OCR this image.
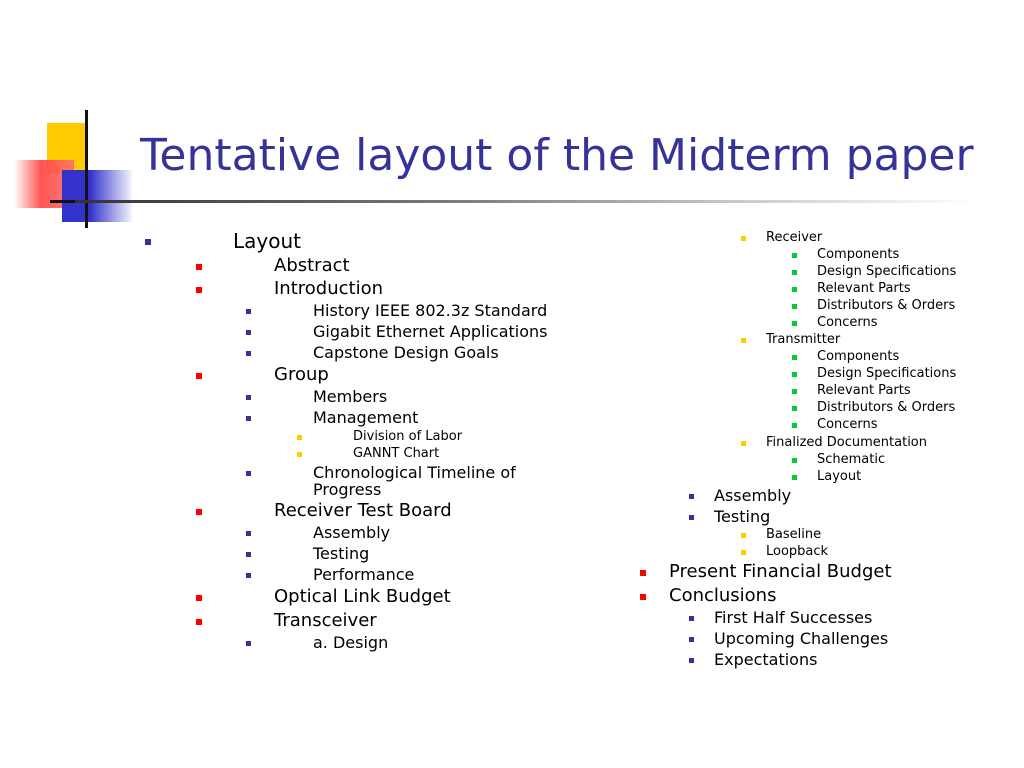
Tentative layout of the Midterm paper
Layout
Abstract
Introduction
History IEEE 802.3z Standard
Gigabit Ethernet Applications
Capstone Design Goals
Group
Members
Management
Division of Labor
GANNT Chart
Chronological Timeline of
Progress
Receiver Test Board
Assembly
Testing
Performance
Optical Link Budget
Transceiver
a. Design
Receiver
Components
Design Specifications
Relevant Parts
Distributors & Orders
Concerns
Transmitter
Components
Design Specifications
Relevant Parts
Distributors & Orders
Concerns
Finalized Documentation
Schematic
Layout
Assembly
Testing
Baseline
Loopback
Present Financial Budget
Conclusions
First Half Successes
Upcoming Challenges
Expectations
